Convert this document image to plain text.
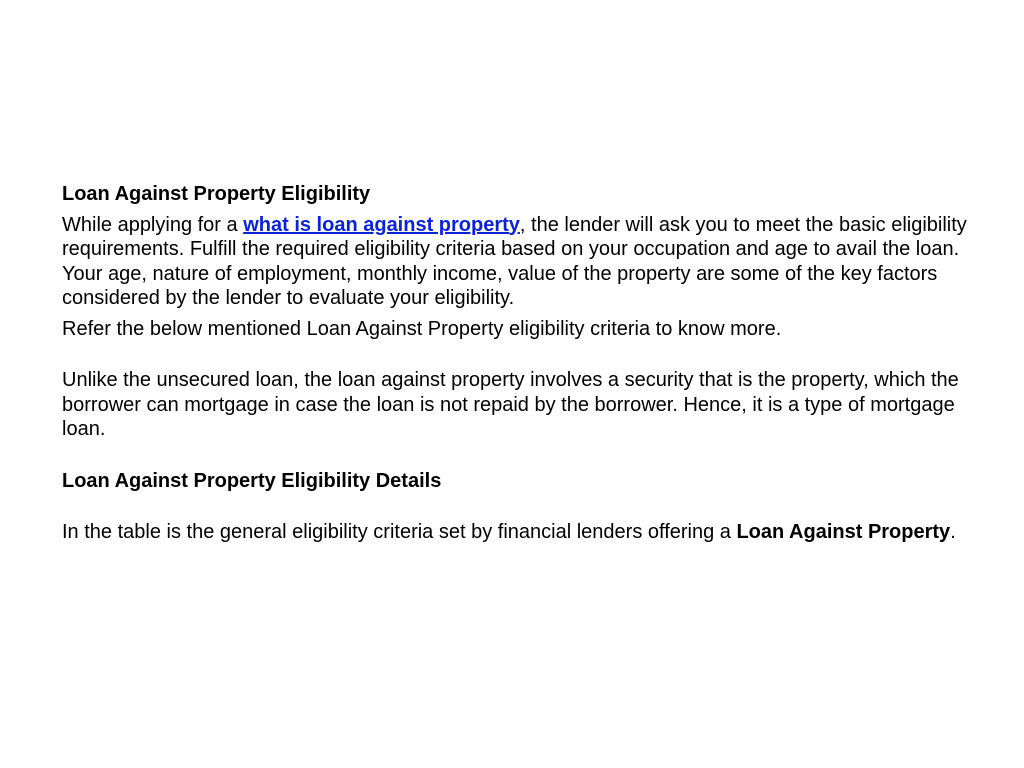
Loan Against Property Eligibility

While applying for a what is loan against property, the lender will ask you to meet the basic eligibility requirements. Fulfill the required eligibility criteria based on your occupation and age to avail the loan. Your age, nature of employment, monthly income, value of the property are some of the key factors considered by the lender to evaluate your eligibility.

Refer the below mentioned Loan Against Property eligibility criteria to know more.

Unlike the unsecured loan, the loan against property involves a security that is the property, which the borrower can mortgage in case the loan is not repaid by the borrower. Hence, it is a type of mortgage loan.

Loan Against Property Eligibility Details

In the table is the general eligibility criteria set by financial lenders offering a Loan Against Property.
